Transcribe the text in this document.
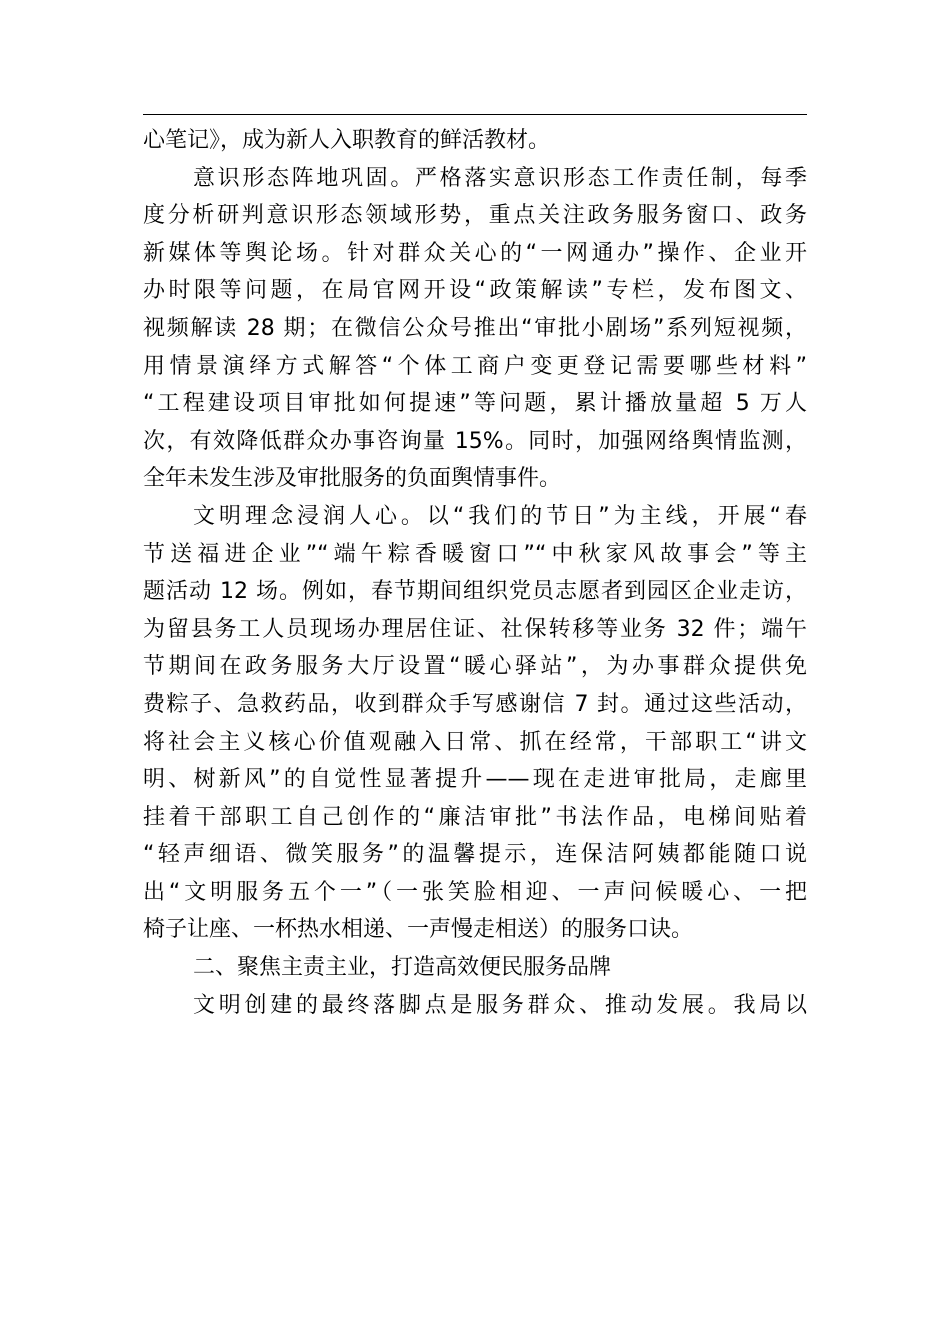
心笔记》，成为新人入职教育的鲜活教材。
意识形态阵地巩固。严格落实意识形态工作责任制，每季
度分析研判意识形态领域形势，重点关注政务服务窗口、政务
新媒体等舆论场。针对群众关心的“一网通办”操作、企业开
办时限等问题，在局官网开设“政策解读”专栏，发布图文、
视频解读 28 期；在微信公众号推出“审批小剧场”系列短视频，
用情景演绎方式解答“个体工商户变更登记需要哪些材料”
“工程建设项目审批如何提速”等问题，累计播放量超 5 万人
次，有效降低群众办事咨询量 15%。同时，加强网络舆情监测，
全年未发生涉及审批服务的负面舆情事件。
文明理念浸润人心。以“我们的节日”为主线，开展“春
节送福进企业”“端午粽香暖窗口”“中秋家风故事会”等主
题活动 12 场。例如，春节期间组织党员志愿者到园区企业走访，
为留县务工人员现场办理居住证、社保转移等业务 32 件；端午
节期间在政务服务大厅设置“暖心驿站”，为办事群众提供免
费粽子、急救药品，收到群众手写感谢信 7 封。通过这些活动，
将社会主义核心价值观融入日常、抓在经常，干部职工“讲文
明、树新风”的自觉性显著提升——现在走进审批局，走廊里
挂着干部职工自己创作的“廉洁审批”书法作品，电梯间贴着
“轻声细语、微笑服务”的温馨提示，连保洁阿姨都能随口说
出“文明服务五个一”（一张笑脸相迎、一声问候暖心、一把
椅子让座、一杯热水相递、一声慢走相送）的服务口诀。
二、聚焦主责主业，打造高效便民服务品牌
文明创建的最终落脚点是服务群众、推动发展。我局以
